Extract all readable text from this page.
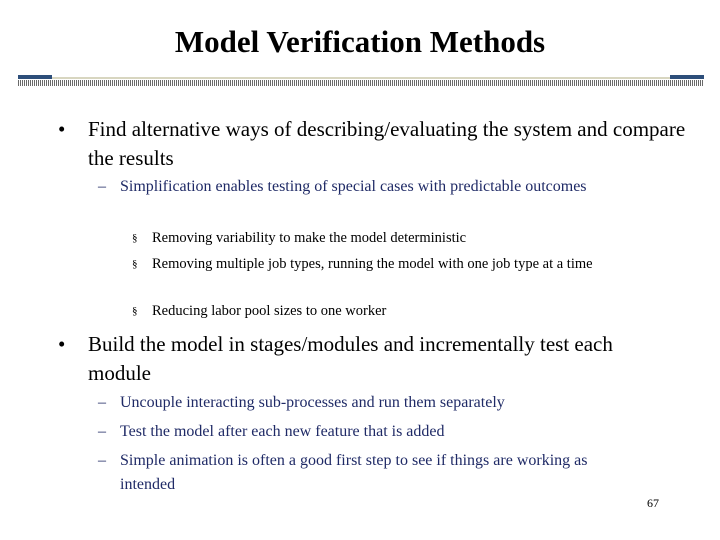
Model Verification Methods
• Find alternative ways of describing/evaluating the system and compare the results
– Simplification enables testing of special cases with predictable outcomes
§ Removing variability to make the model deterministic
§ Removing multiple job types, running the model with one job type at a time
§ Reducing labor pool sizes to one worker
• Build the model in stages/modules and incrementally test each module
– Uncouple interacting sub-processes and run them separately
– Test the model after each new feature that is added
– Simple animation is often a good first step to see if things are working as intended
67
